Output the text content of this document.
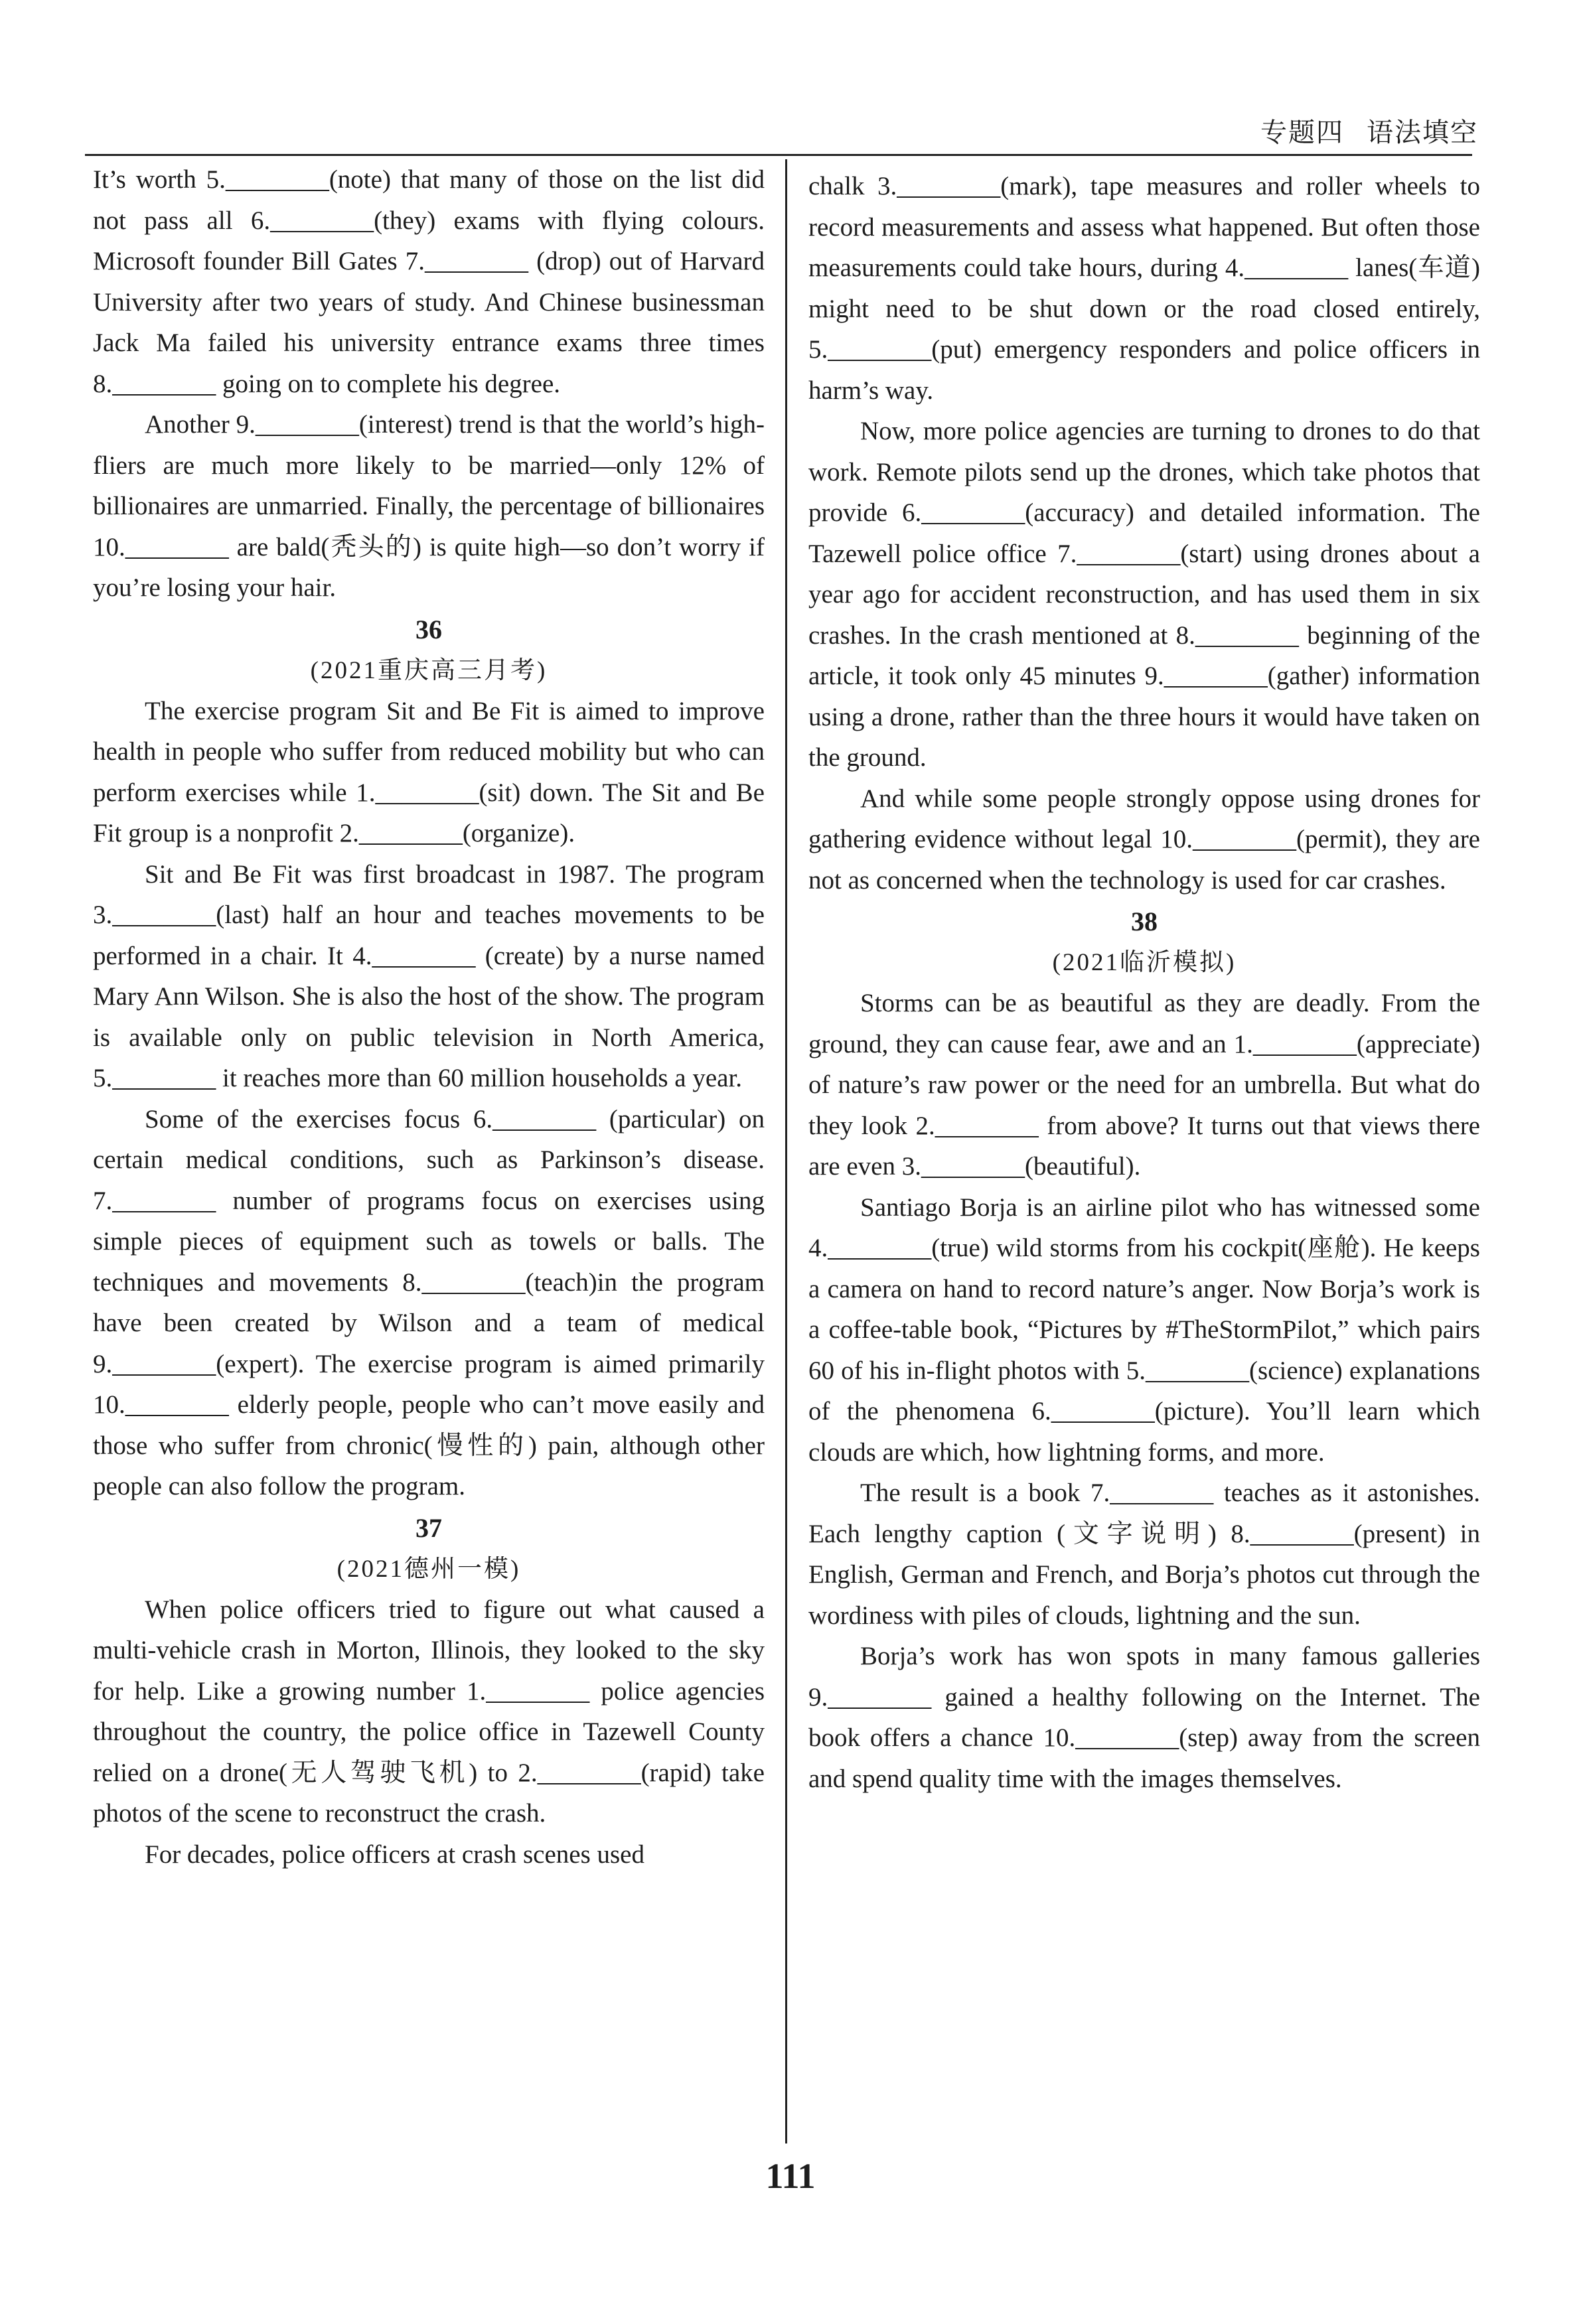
专题四 语法填空

It’s worth 5.________(note) that many of those on the list did not pass all 6.________(they) exams with flying colours. Microsoft founder Bill Gates 7.________ (drop) out of Harvard University after two years of study. And Chinese businessman Jack Ma failed his university entrance exams three times 8.________ going on to complete his degree.

Another 9.________(interest) trend is that the world’s high-fliers are much more likely to be married—only 12% of billionaires are unmarried. Finally, the percentage of billionaires 10.________ are bald(秃头的) is quite high—so don’t worry if you’re losing your hair.

36
(2021重庆高三月考)

The exercise program Sit and Be Fit is aimed to improve health in people who suffer from reduced mobility but who can perform exercises while 1.________(sit) down. The Sit and Be Fit group is a nonprofit 2.________(organize).

Sit and Be Fit was first broadcast in 1987. The program 3.________(last) half an hour and teaches movements to be performed in a chair. It 4.________ (create) by a nurse named Mary Ann Wilson. She is also the host of the show. The program is available only on public television in North America, 5.________ it reaches more than 60 million households a year.

Some of the exercises focus 6.________ (particular) on certain medical conditions, such as Parkinson’s disease. 7.________ number of programs focus on exercises using simple pieces of equipment such as towels or balls. The techniques and movements 8.________(teach)in the program have been created by Wilson and a team of medical 9.________(expert). The exercise program is aimed primarily 10.________ elderly people, people who can’t move easily and those who suffer from chronic(慢性的) pain, although other people can also follow the program.

37
(2021德州一模)

When police officers tried to figure out what caused a multi-vehicle crash in Morton, Illinois, they looked to the sky for help. Like a growing number 1.________ police agencies throughout the country, the police office in Tazewell County relied on a drone(无人驾驶飞机) to 2.________(rapid) take photos of the scene to reconstruct the crash.

For decades, police officers at crash scenes used

chalk 3.________(mark), tape measures and roller wheels to record measurements and assess what happened. But often those measurements could take hours, during 4.________ lanes(车道) might need to be shut down or the road closed entirely, 5.________(put) emergency responders and police officers in harm’s way.

Now, more police agencies are turning to drones to do that work. Remote pilots send up the drones, which take photos that provide 6.________(accuracy) and detailed information. The Tazewell police office 7.________(start) using drones about a year ago for accident reconstruction, and has used them in six crashes. In the crash mentioned at 8.________ beginning of the article, it took only 45 minutes 9.________(gather) information using a drone, rather than the three hours it would have taken on the ground.

And while some people strongly oppose using drones for gathering evidence without legal 10.________(permit), they are not as concerned when the technology is used for car crashes.

38
(2021临沂模拟)

Storms can be as beautiful as they are deadly. From the ground, they can cause fear, awe and an 1.________(appreciate) of nature’s raw power or the need for an umbrella. But what do they look 2.________ from above? It turns out that views there are even 3.________(beautiful).

Santiago Borja is an airline pilot who has witnessed some 4.________(true) wild storms from his cockpit(座舱). He keeps a camera on hand to record nature’s anger. Now Borja’s work is a coffee-table book, “Pictures by #TheStormPilot,” which pairs 60 of his in-flight photos with 5.________(science) explanations of the phenomena 6.________(picture). You’ll learn which clouds are which, how lightning forms, and more.

The result is a book 7.________ teaches as it astonishes. Each lengthy caption (文字说明) 8.________(present) in English, German and French, and Borja’s photos cut through the wordiness with piles of clouds, lightning and the sun.

Borja’s work has won spots in many famous galleries 9.________ gained a healthy following on the Internet. The book offers a chance 10.________(step) away from the screen and spend quality time with the images themselves.

111
